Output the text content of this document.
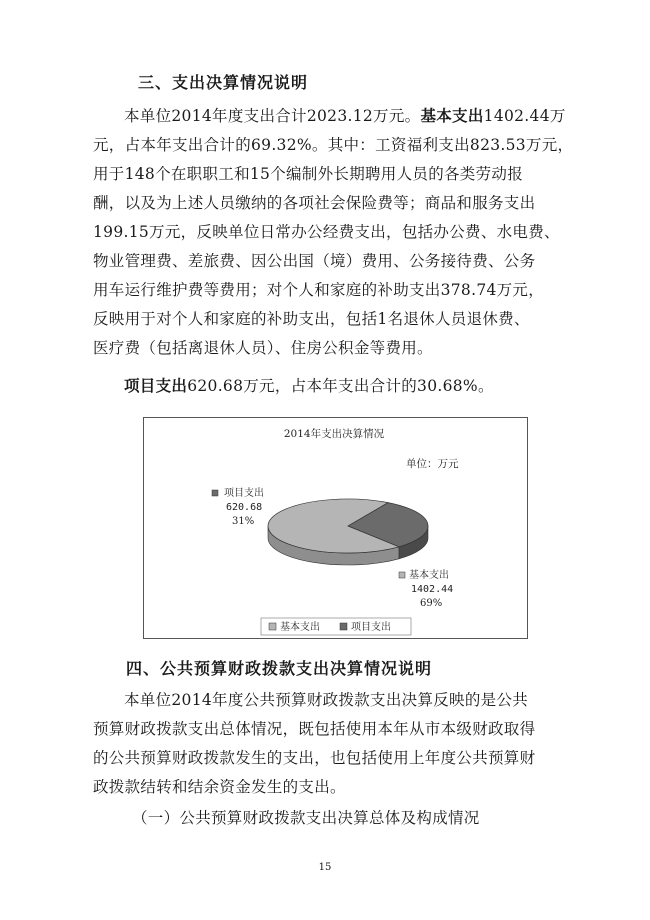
三、支出决算情况说明
本单位2014年度支出合计2023.12万元。基本支出1402.44万
元，占本年支出合计的69.32%。其中：工资福利支出823.53万元，
用于148个在职职工和15个编制外长期聘用人员的各类劳动报
酬，以及为上述人员缴纳的各项社会保险费等；商品和服务支出
199.15万元，反映单位日常办公经费支出，包括办公费、水电费、
物业管理费、差旅费、因公出国（境）费用、公务接待费、公务
用车运行维护费等费用；对个人和家庭的补助支出378.74万元，
反映用于对个人和家庭的补助支出，包括1名退休人员退休费、
医疗费（包括离退休人员）、住房公积金等费用。
项目支出620.68万元，占本年支出合计的30.68%。
2014年支出决算情况
单位：万元
项目支出
620.68
31%
基本支出
1402.44
69%
基本支出	项目支出
四、公共预算财政拨款支出决算情况说明
本单位2014年度公共预算财政拨款支出决算反映的是公共
预算财政拨款支出总体情况，既包括使用本年从市本级财政取得
的公共预算财政拨款发生的支出，也包括使用上年度公共预算财
政拨款结转和结余资金发生的支出。
（一）公共预算财政拨款支出决算总体及构成情况
15
